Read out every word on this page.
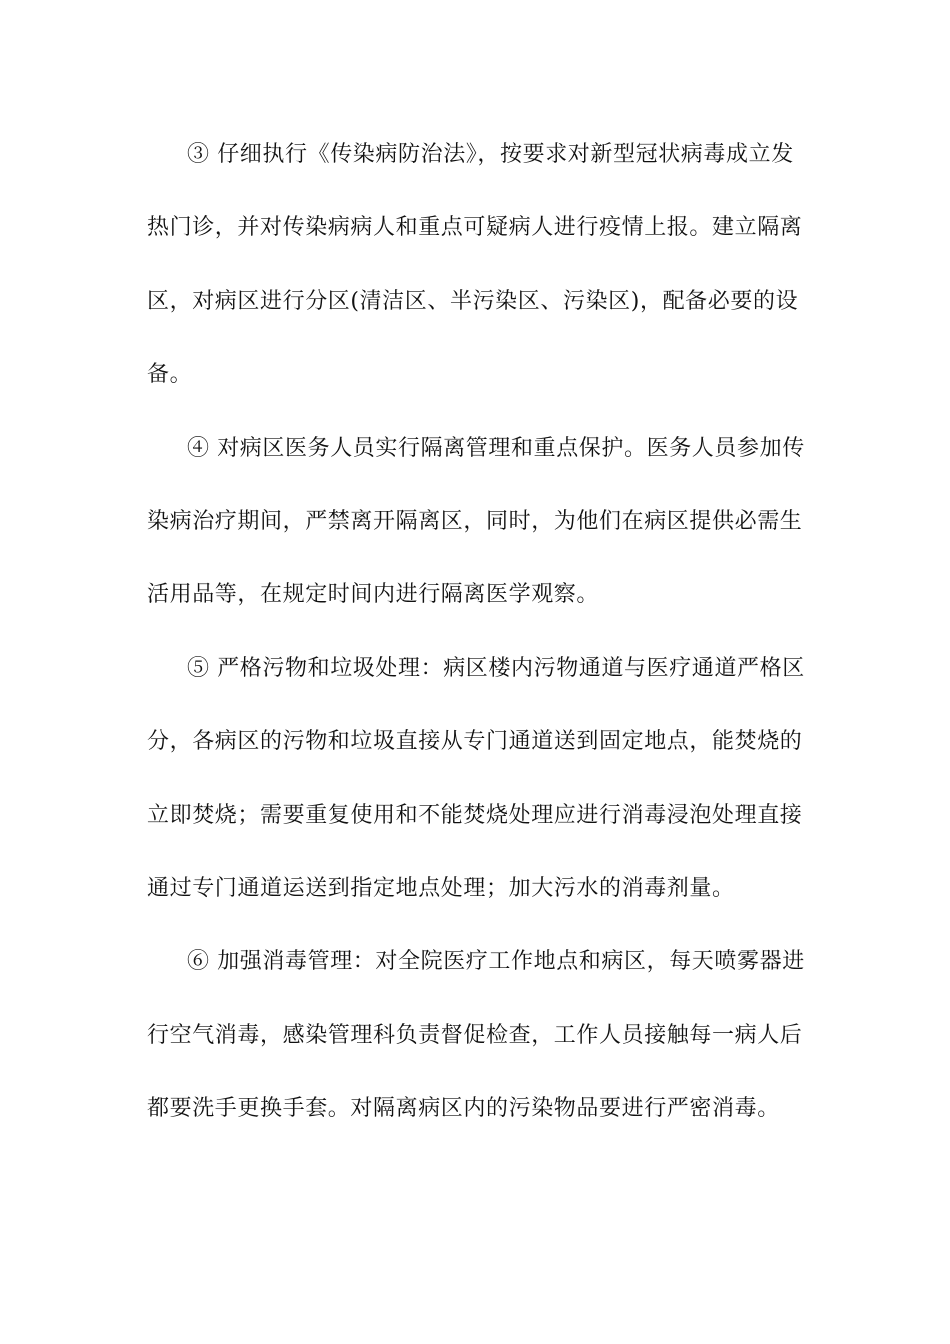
③ 仔细执行《传染病防治法》，按要求对新型冠状病毒成立发
热门诊，并对传染病病人和重点可疑病人进行疫情上报。建立隔离
区，对病区进行分区(清洁区、半污染区、污染区)，配备必要的设
备。
④ 对病区医务人员实行隔离管理和重点保护。医务人员参加传
染病治疗期间，严禁离开隔离区，同时，为他们在病区提供必需生
活用品等，在规定时间内进行隔离医学观察。
⑤ 严格污物和垃圾处理：病区楼内污物通道与医疗通道严格区
分，各病区的污物和垃圾直接从专门通道送到固定地点，能焚烧的
立即焚烧；需要重复使用和不能焚烧处理应进行消毒浸泡处理直接
通过专门通道运送到指定地点处理；加大污水的消毒剂量。
⑥ 加强消毒管理：对全院医疗工作地点和病区，每天喷雾器进
行空气消毒，感染管理科负责督促检查，工作人员接触每一病人后
都要洗手更换手套。对隔离病区内的污染物品要进行严密消毒。
